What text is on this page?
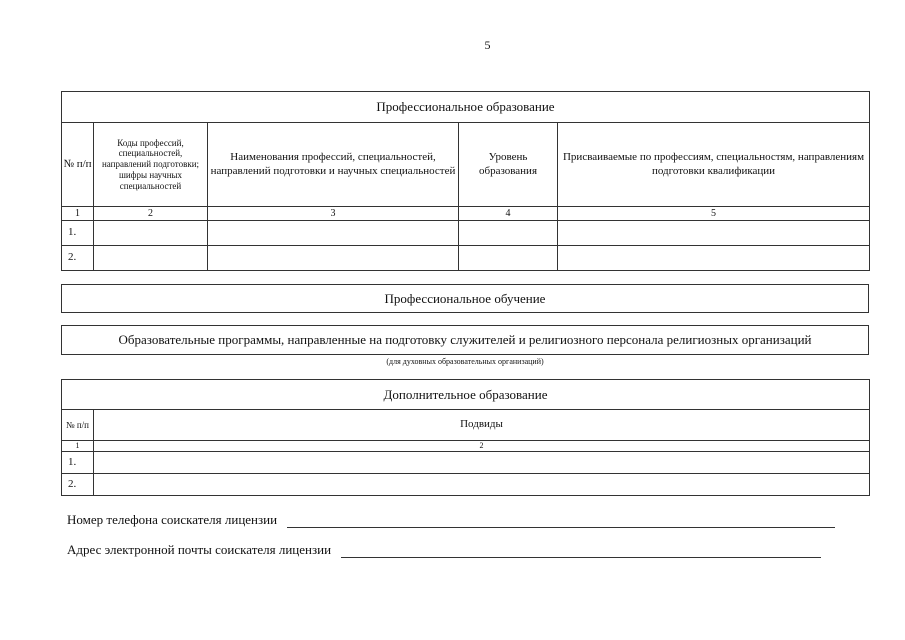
5
Профессиональное образование				
№ п/п	Коды профессий, специальностей, направлений подготовки; шифры научных специальностей	Наименования профессий, специальностей, направлений подготовки и научных специальностей	Уровень образования	Присваиваемые по профессиям, специальностям, направлениям подготовки квалификации
1	2	3	4	5
1.				
2.				
Профессиональное обучение
Образовательные программы, направленные на подготовку служителей и религиозного персонала религиозных организаций
(для духовных образовательных организаций)
Дополнительное образование	
№ п/п	Подвиды
1	2
1.	
2.	
Номер телефона соискателя лицензии
Адрес электронной почты соискателя лицензии
